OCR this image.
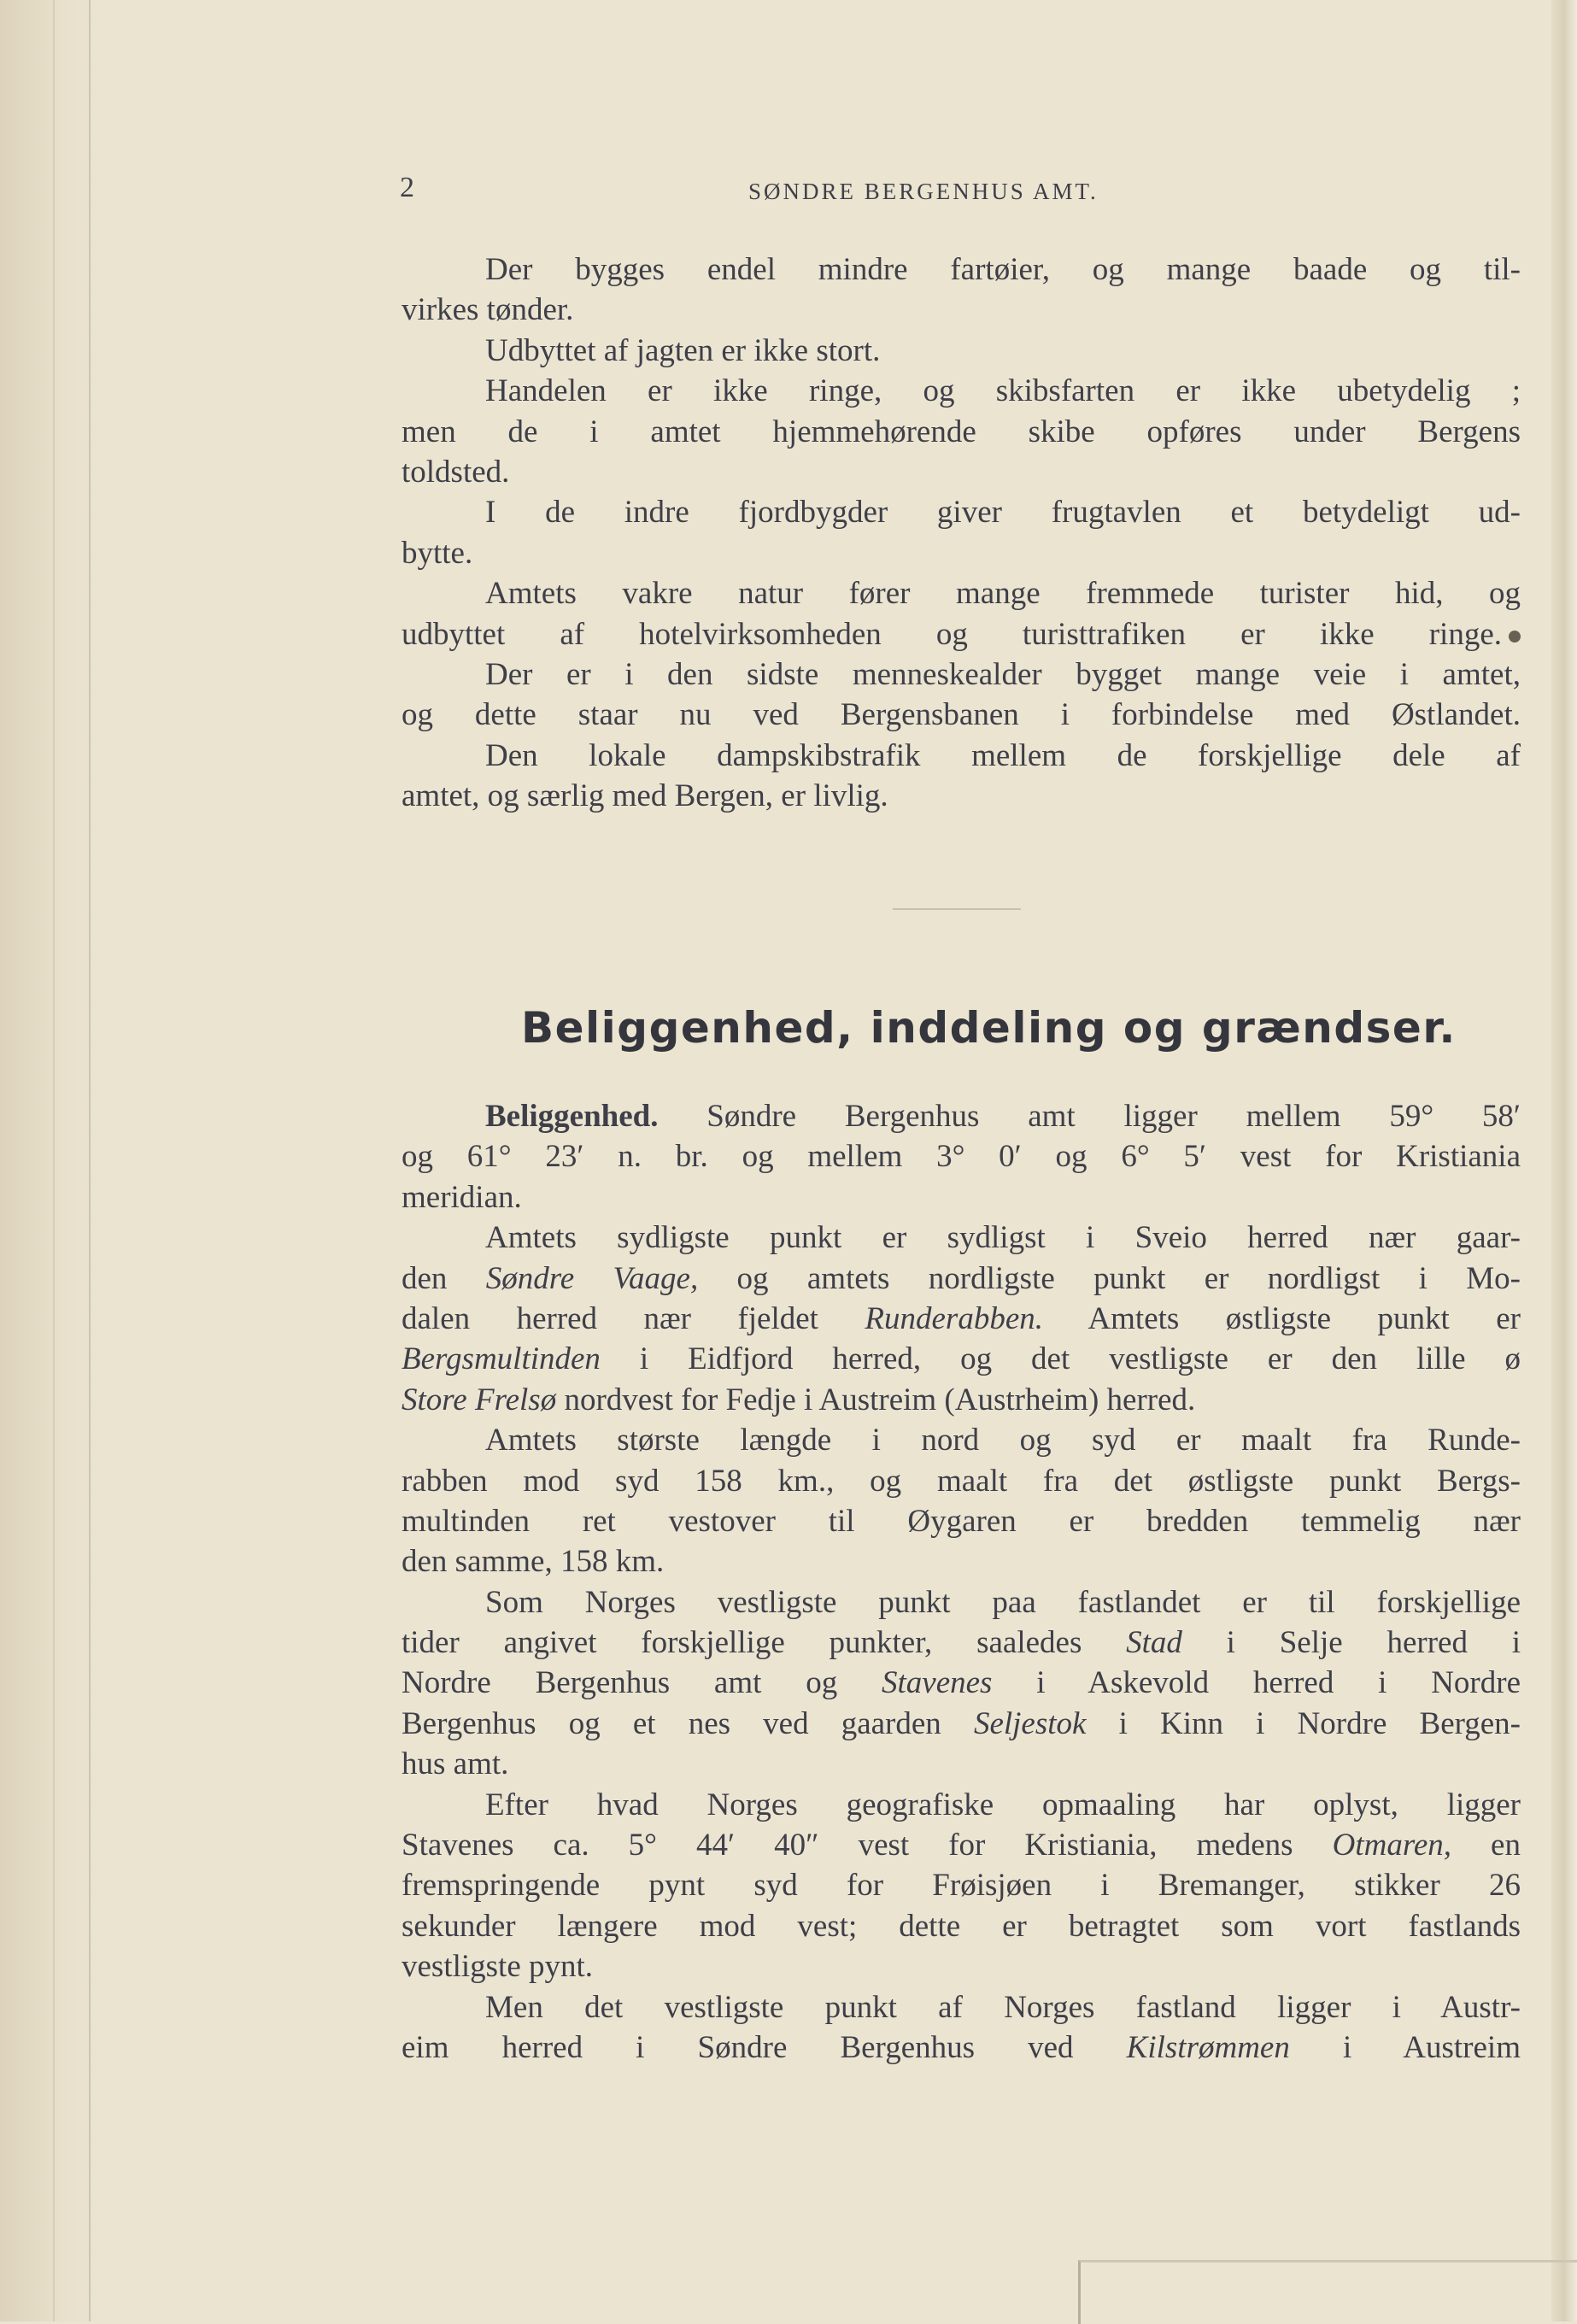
2	SØNDRE BERGENHUS AMT.
Der bygges endel mindre fartøier, og mange baade og til-
virkes tønder.
Udbyttet af jagten er ikke stort.
Handelen er ikke ringe, og skibsfarten er ikke ubetydelig ;
men de i amtet hjemmehørende skibe opføres under Bergens
toldsted.
I de indre fjordbygder giver frugtavlen et betydeligt ud-
bytte.
Amtets vakre natur fører mange fremmede turister hid, og
udbyttet af hotelvirksomheden og turisttrafiken er ikke ringe.
Der er i den sidste menneskealder bygget mange veie i amtet,
og dette staar nu ved Bergensbanen i forbindelse med Østlandet.
Den lokale dampskibstrafik mellem de forskjellige dele af
amtet, og særlig med Bergen, er livlig.
Beliggenhed, inddeling og grændser.
Beliggenhed. Søndre Bergenhus amt ligger mellem 59° 58′
og 61° 23′ n. br. og mellem 3° 0′ og 6° 5′ vest for Kristiania
meridian.
Amtets sydligste punkt er sydligst i Sveio herred nær gaar-
den Søndre Vaage, og amtets nordligste punkt er nordligst i Mo-
dalen herred nær fjeldet Runderabben. Amtets østligste punkt er
Bergsmultinden i Eidfjord herred, og det vestligste er den lille ø
Store Frelsø nordvest for Fedje i Austreim (Austrheim) herred.
Amtets største længde i nord og syd er maalt fra Runde-
rabben mod syd 158 km., og maalt fra det østligste punkt Bergs-
multinden ret vestover til Øygaren er bredden temmelig nær
den samme, 158 km.
Som Norges vestligste punkt paa fastlandet er til forskjellige
tider angivet forskjellige punkter, saaledes Stad i Selje herred i
Nordre Bergenhus amt og Stavenes i Askevold herred i Nordre
Bergenhus og et nes ved gaarden Seljestok i Kinn i Nordre Bergen-
hus amt.
Efter hvad Norges geografiske opmaaling har oplyst, ligger
Stavenes ca. 5° 44′ 40″ vest for Kristiania, medens Otmaren, en
fremspringende pynt syd for Frøisjøen i Bremanger, stikker 26
sekunder længere mod vest; dette er betragtet som vort fastlands
vestligste pynt.
Men det vestligste punkt af Norges fastland ligger i Austr-
eim herred i Søndre Bergenhus ved Kilstrømmen i Austreim
